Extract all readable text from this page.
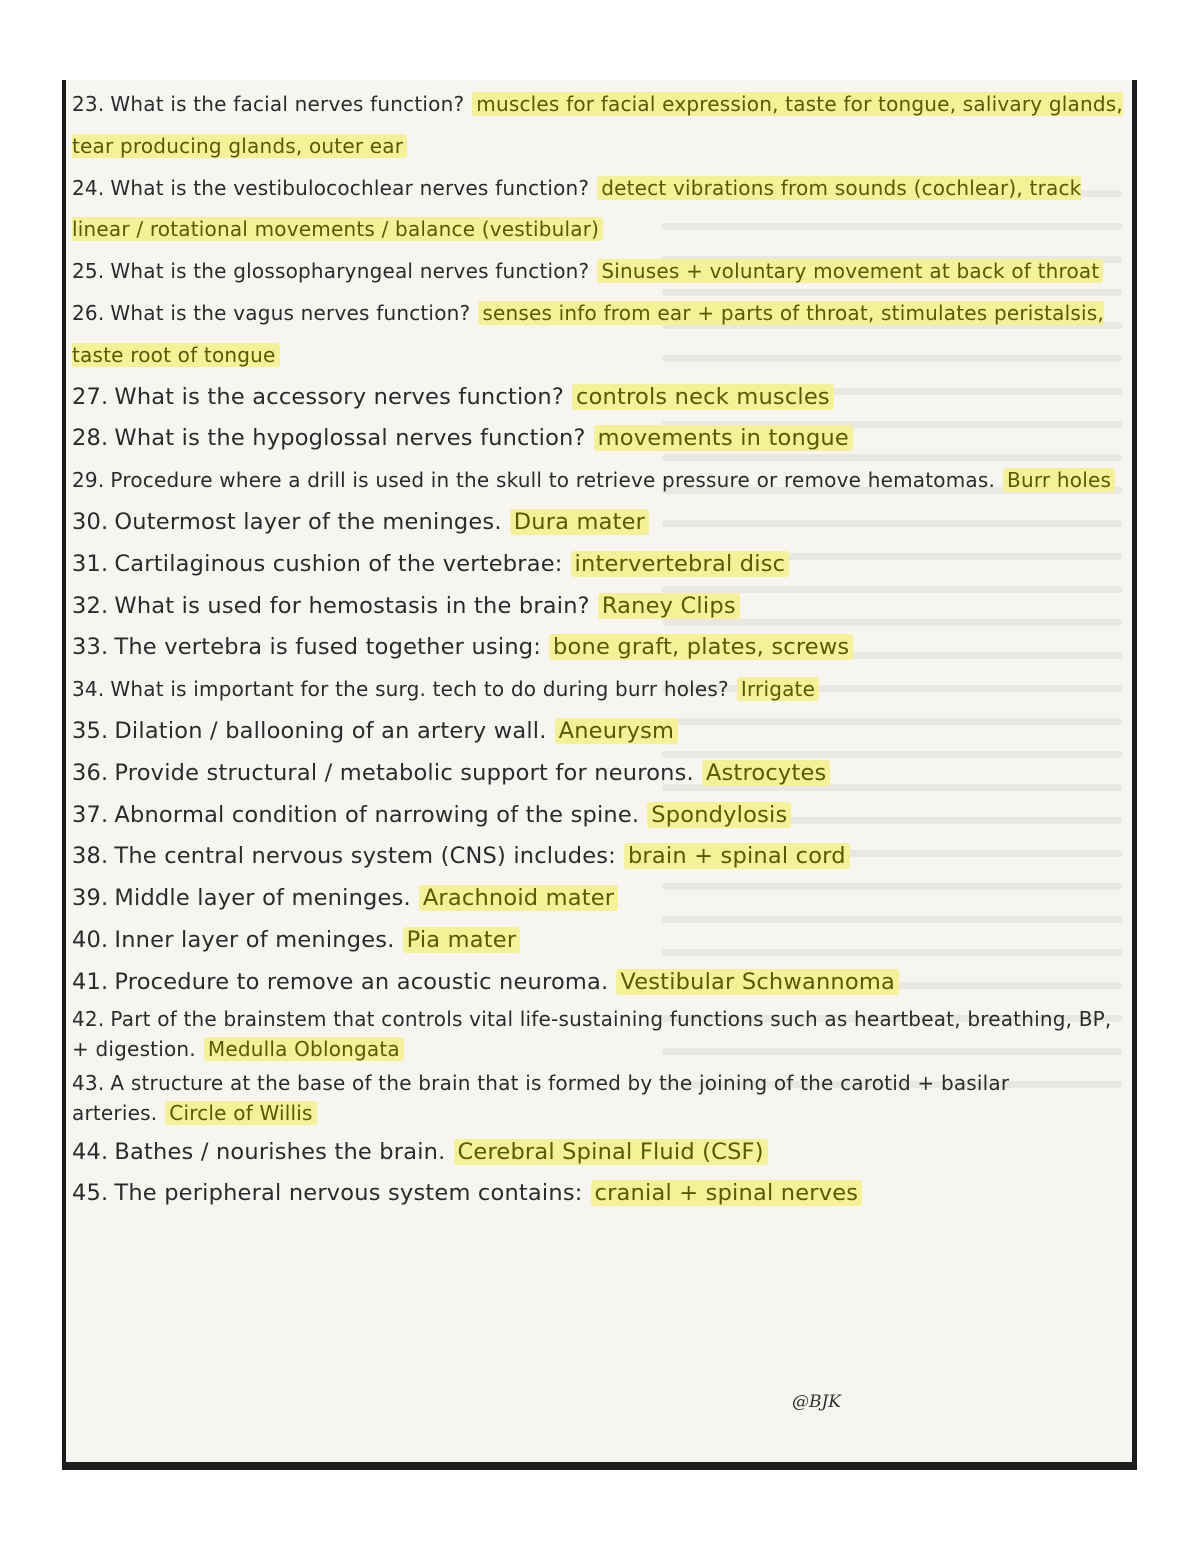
23. What is the facial nerves function? muscles for facial expression, taste for tongue, salivary glands, tear producing glands, outer ear
24. What is the vestibulocochlear nerves function? detect vibrations from sounds (cochlear), track linear / rotational movements / balance (vestibular)
25. What is the glossopharyngeal nerves function? Sinuses + voluntary movement at back of throat
26. What is the vagus nerves function? senses info from ear + parts of throat, stimulates peristalsis, taste root of tongue
27. What is the accessory nerves function? controls neck muscles
28. What is the hypoglossal nerves function? movements in tongue
29. Procedure where a drill is used in the skull to retrieve pressure or remove hematomas. Burr holes
30. Outermost layer of the meninges. Dura mater
31. Cartilaginous cushion of the vertebrae: intervertebral disc
32. What is used for hemostasis in the brain? Raney Clips
33. The vertebra is fused together using: bone graft, plates, screws
34. What is important for the surg. tech to do during burr holes? Irrigate
35. Dilation / ballooning of an artery wall. Aneurysm
36. Provide structural / metabolic support for neurons. Astrocytes
37. Abnormal condition of narrowing of the spine. Spondylosis
38. The central nervous system (CNS) includes: brain + spinal cord
39. Middle layer of meninges. Arachnoid mater
40. Inner layer of meninges. Pia mater
41. Procedure to remove an acoustic neuroma. Vestibular Schwannoma
42. Part of the brainstem that controls vital life-sustaining functions such as heartbeat, breathing, BP, + digestion. Medulla Oblongata
43. A structure at the base of the brain that is formed by the joining of the carotid + basilar arteries. Circle of Willis
44. Bathes / nourishes the brain. Cerebral Spinal Fluid (CSF)
45. The peripheral nervous system contains: cranial + spinal nerves
@BJK
